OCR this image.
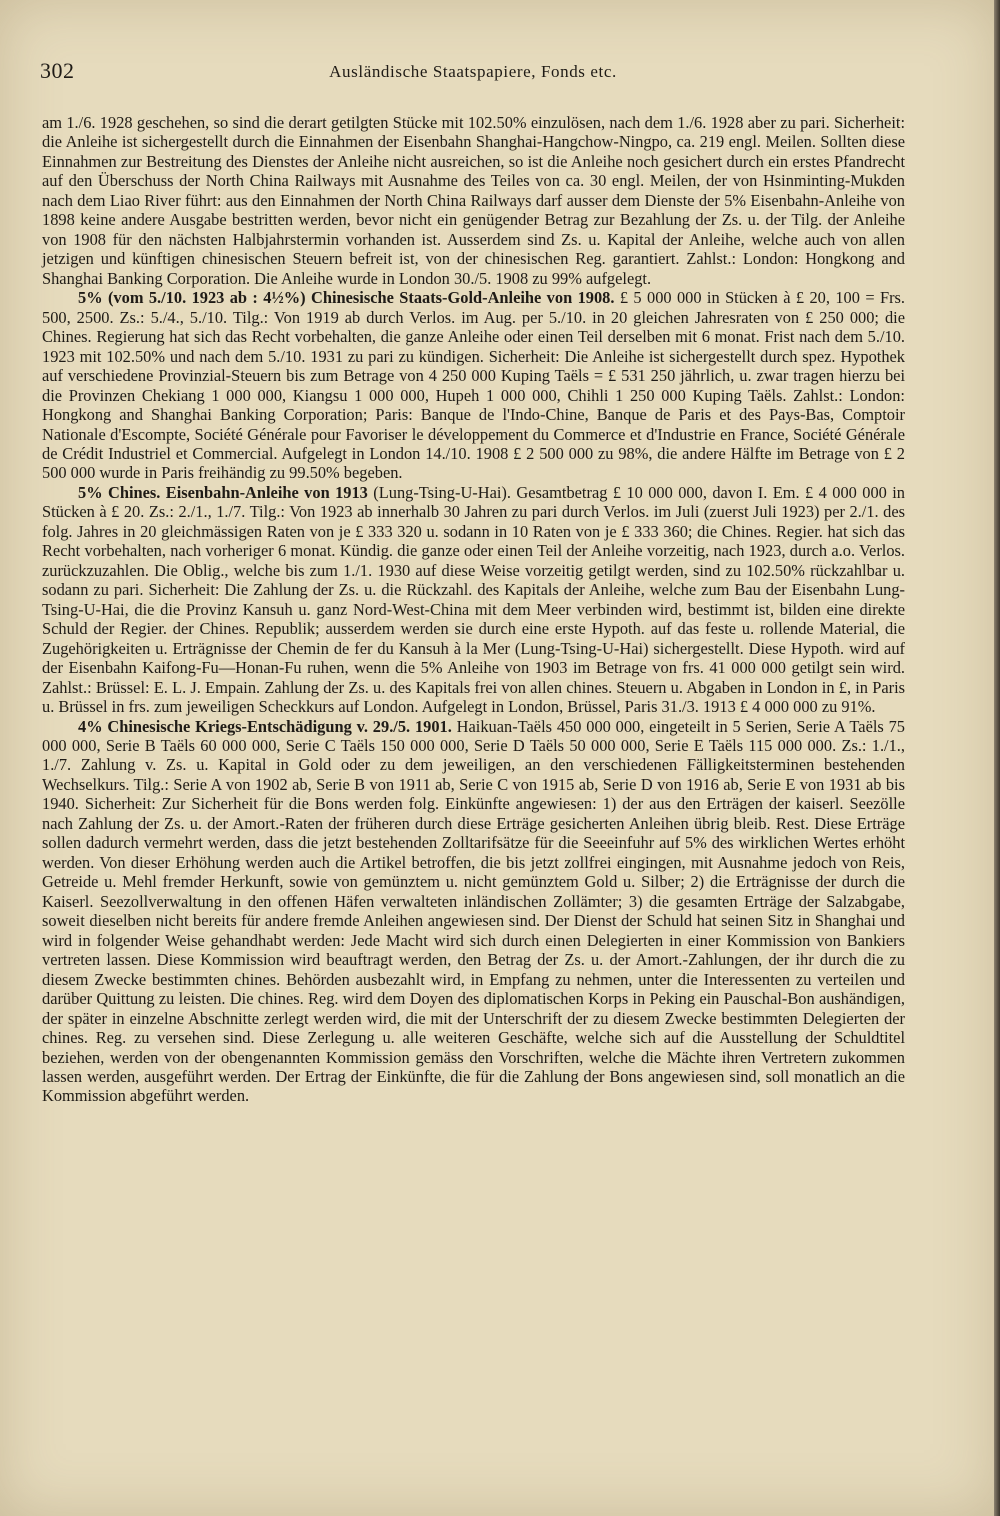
302	Ausländische Staatspapiere, Fonds etc.

am 1./6. 1928 geschehen, so sind die derart getilgten Stücke mit 102.50% einzulösen, nach dem 1./6. 1928 aber zu pari. Sicherheit: die Anleihe ist sichergestellt durch die Einnahmen der Eisenbahn Shanghai-Hangchow-Ningpo, ca. 219 engl. Meilen. Sollten diese Einnahmen zur Bestreitung des Dienstes der Anleihe nicht ausreichen, so ist die Anleihe noch gesichert durch ein erstes Pfandrecht auf den Überschuss der North China Railways mit Ausnahme des Teiles von ca. 30 engl. Meilen, der von Hsinminting-Mukden nach dem Liao River führt: aus den Einnahmen der North China Railways darf ausser dem Dienste der 5% Eisenbahn-Anleihe von 1898 keine andere Ausgabe bestritten werden, bevor nicht ein genügender Betrag zur Bezahlung der Zs. u. der Tilg. der Anleihe von 1908 für den nächsten Halbjahrstermin vorhanden ist. Ausserdem sind Zs. u. Kapital der Anleihe, welche auch von allen jetzigen und künftigen chinesischen Steuern befreit ist, von der chinesischen Reg. garantiert. Zahlst.: London: Hongkong and Shanghai Banking Corporation. Die Anleihe wurde in London 30./5. 1908 zu 99% aufgelegt.

5% (vom 5./10. 1923 ab : 4½%) Chinesische Staats-Gold-Anleihe von 1908. £ 5 000 000 in Stücken à £ 20, 100 = Frs. 500, 2500. Zs.: 5./4., 5./10. Tilg.: Von 1919 ab durch Verlos. im Aug. per 5./10. in 20 gleichen Jahresraten von £ 250 000; die Chines. Regierung hat sich das Recht vorbehalten, die ganze Anleihe oder einen Teil derselben mit 6 monat. Frist nach dem 5./10. 1923 mit 102.50% und nach dem 5./10. 1931 zu pari zu kündigen. Sicherheit: Die Anleihe ist sichergestellt durch spez. Hypothek auf verschiedene Provinzial-Steuern bis zum Betrage von 4 250 000 Kuping Taëls = £ 531 250 jährlich, u. zwar tragen hierzu bei die Provinzen Chekiang 1 000 000, Kiangsu 1 000 000, Hupeh 1 000 000, Chihli 1 250 000 Kuping Taëls. Zahlst.: London: Hongkong and Shanghai Banking Corporation; Paris: Banque de l'Indo-Chine, Banque de Paris et des Pays-Bas, Comptoir Nationale d'Escompte, Société Générale pour Favoriser le développement du Commerce et d'Industrie en France, Société Générale de Crédit Industriel et Commercial. Aufgelegt in London 14./10. 1908 £ 2 500 000 zu 98%, die andere Hälfte im Betrage von £ 2 500 000 wurde in Paris freihändig zu 99.50% begeben.

5% Chines. Eisenbahn-Anleihe von 1913 (Lung-Tsing-U-Hai). Gesamtbetrag £ 10 000 000, davon I. Em. £ 4 000 000 in Stücken à £ 20. Zs.: 2./1., 1./7. Tilg.: Von 1923 ab innerhalb 30 Jahren zu pari durch Verlos. im Juli (zuerst Juli 1923) per 2./1. des folg. Jahres in 20 gleichmässigen Raten von je £ 333 320 u. sodann in 10 Raten von je £ 333 360; die Chines. Regier. hat sich das Recht vorbehalten, nach vorheriger 6 monat. Kündig. die ganze oder einen Teil der Anleihe vorzeitig, nach 1923, durch a.o. Verlos. zurückzuzahlen. Die Oblig., welche bis zum 1./1. 1930 auf diese Weise vorzeitig getilgt werden, sind zu 102.50% rückzahlbar u. sodann zu pari. Sicherheit: Die Zahlung der Zs. u. die Rückzahl. des Kapitals der Anleihe, welche zum Bau der Eisenbahn Lung-Tsing-U-Hai, die die Provinz Kansuh u. ganz Nord-West-China mit dem Meer verbinden wird, bestimmt ist, bilden eine direkte Schuld der Regier. der Chines. Republik; ausserdem werden sie durch eine erste Hypoth. auf das feste u. rollende Material, die Zugehörigkeiten u. Erträgnisse der Chemin de fer du Kansuh à la Mer (Lung-Tsing-U-Hai) sichergestellt. Diese Hypoth. wird auf der Eisenbahn Kaifong-Fu—Honan-Fu ruhen, wenn die 5% Anleihe von 1903 im Betrage von frs. 41 000 000 getilgt sein wird. Zahlst.: Brüssel: E. L. J. Empain. Zahlung der Zs. u. des Kapitals frei von allen chines. Steuern u. Abgaben in London in £, in Paris u. Brüssel in frs. zum jeweiligen Scheckkurs auf London. Aufgelegt in London, Brüssel, Paris 31./3. 1913 £ 4 000 000 zu 91%.

4% Chinesische Kriegs-Entschädigung v. 29./5. 1901. Haikuan-Taëls 450 000 000, eingeteilt in 5 Serien, Serie A Taëls 75 000 000, Serie B Taëls 60 000 000, Serie C Taëls 150 000 000, Serie D Taëls 50 000 000, Serie E Taëls 115 000 000. Zs.: 1./1., 1./7. Zahlung v. Zs. u. Kapital in Gold oder zu dem jeweiligen, an den verschiedenen Fälligkeitsterminen bestehenden Wechselkurs. Tilg.: Serie A von 1902 ab, Serie B von 1911 ab, Serie C von 1915 ab, Serie D von 1916 ab, Serie E von 1931 ab bis 1940. Sicherheit: Zur Sicherheit für die Bons werden folg. Einkünfte angewiesen: 1) der aus den Erträgen der kaiserl. Seezölle nach Zahlung der Zs. u. der Amort.-Raten der früheren durch diese Erträge gesicherten Anleihen übrig bleib. Rest. Diese Erträge sollen dadurch vermehrt werden, dass die jetzt bestehenden Zolltarifsätze für die Seeeinfuhr auf 5% des wirklichen Wertes erhöht werden. Von dieser Erhöhung werden auch die Artikel betroffen, die bis jetzt zollfrei eingingen, mit Ausnahme jedoch von Reis, Getreide u. Mehl fremder Herkunft, sowie von gemünztem u. nicht gemünztem Gold u. Silber; 2) die Erträgnisse der durch die Kaiserl. Seezollverwaltung in den offenen Häfen verwalteten inländischen Zollämter; 3) die gesamten Erträge der Salzabgabe, soweit dieselben nicht bereits für andere fremde Anleihen angewiesen sind. Der Dienst der Schuld hat seinen Sitz in Shanghai und wird in folgender Weise gehandhabt werden: Jede Macht wird sich durch einen Delegierten in einer Kommission von Bankiers vertreten lassen. Diese Kommission wird beauftragt werden, den Betrag der Zs. u. der Amort.-Zahlungen, der ihr durch die zu diesem Zwecke bestimmten chines. Behörden ausbezahlt wird, in Empfang zu nehmen, unter die Interessenten zu verteilen und darüber Quittung zu leisten. Die chines. Reg. wird dem Doyen des diplomatischen Korps in Peking ein Pauschal-Bon aushändigen, der später in einzelne Abschnitte zerlegt werden wird, die mit der Unterschrift der zu diesem Zwecke bestimmten Delegierten der chines. Reg. zu versehen sind. Diese Zerlegung u. alle weiteren Geschäfte, welche sich auf die Ausstellung der Schuldtitel beziehen, werden von der obengenannten Kommission gemäss den Vorschriften, welche die Mächte ihren Vertretern zukommen lassen werden, ausgeführt werden. Der Ertrag der Einkünfte, die für die Zahlung der Bons angewiesen sind, soll monatlich an die Kommission abgeführt werden.
